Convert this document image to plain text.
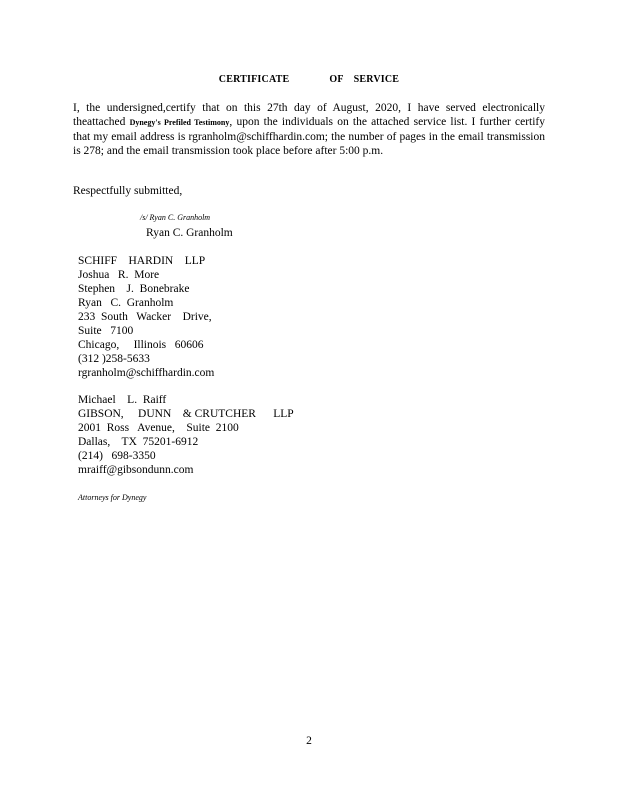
CERTIFICATE	OF SERVICE
I, the undersigned,certify that on this 27th day of August, 2020, I have served electronically theattached Dynegy's Prefiled Testimony, upon the individuals on the attached service list. I further certify that my email address is rgranholm@schiffhardin.com; the number of pages in the email transmission is 278; and the email transmission took place before after 5:00 p.m.
Respectfully submitted,
/s/ Ryan C. Granholm
Ryan C. Granholm
SCHIFF    HARDIN    LLP
Joshua   R.  More
Stephen    J.  Bonebrake
Ryan   C.  Granholm
233  South   Wacker    Drive,
Suite   7100
Chicago,     Illinois   60606
(312 )258-5633
rgranholm@schiffhardin.com
Michael    L.  Raiff
GIBSON,     DUNN    & CRUTCHER      LLP
2001  Ross   Avenue,    Suite  2100
Dallas,    TX  75201-6912
(214)   698-3350
mraiff@gibsondunn.com
Attorneys for Dynegy
2
